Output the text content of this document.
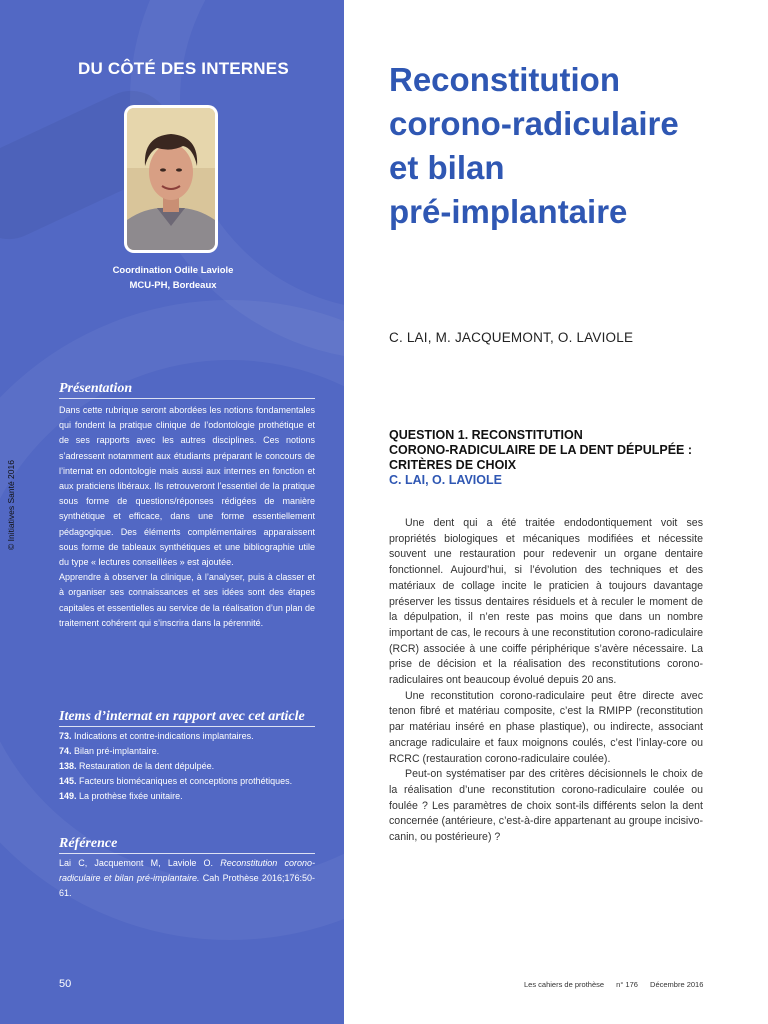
DU CÔTÉ DES INTERNES
Coordination Odile Laviole
MCU-PH, Bordeaux
© Initiatives Santé 2016
Présentation

Dans cette rubrique seront abordées les notions fondamentales qui fondent la pratique clinique de l’odontologie prothétique et de ses rapports avec les autres disciplines. Ces notions s’adressent notamment aux étudiants préparant le concours de l’internat en odontologie mais aussi aux internes en fonction et aux praticiens libéraux. Ils retrouveront l’essentiel de la pratique sous forme de questions/réponses rédigées de manière synthétique et efficace, dans une forme essentiellement pédagogique. Des éléments complémentaires apparaissent sous forme de tableaux synthétiques et une bibliographie utile du type « lectures conseillées » est ajoutée.

Apprendre à observer la clinique, à l’analyser, puis à classer et à organiser ses connaissances et ses idées sont des étapes capitales et essentielles au service de la réalisation d’un plan de traitement cohérent qui s’inscrira dans la pérennité.

Items d’internat en rapport avec cet article
73. Indications et contre-indications implantaires.
74. Bilan pré-implantaire.
138. Restauration de la dent dépulpée.
145. Facteurs biomécaniques et conceptions prothétiques.
149. La prothèse fixée unitaire.
Référence
Lai C, Jacquemont M, Laviole O. Reconstitution corono-radiculaire et bilan pré-implantaire. Cah Prothèse 2016;176:50-61.
50
Reconstitution
corono-radiculaire
et bilan
pré-implantaire
C. LAI, M. JACQUEMONT, O. LAVIOLE
QUESTION 1. RECONSTITUTION
CORONO-RADICULAIRE DE LA DENT DÉPULPÉE :
CRITÈRES DE CHOIX
C. LAI, O. LAVIOLE

Une dent qui a été traitée endodontiquement voit ses propriétés biologiques et mécaniques modifiées et nécessite souvent une restauration pour redevenir un organe dentaire fonctionnel. Aujourd’hui, si l’évolution des techniques et des matériaux de collage incite le praticien à toujours davantage préserver les tissus dentaires résiduels et à reculer le moment de la dépulpation, il n’en reste pas moins que dans un nombre important de cas, le recours à une reconstitution corono-radiculaire (RCR) associée à une coiffe périphérique s’avère nécessaire. La prise de décision et la réalisation des reconstitutions corono-radiculaires ont beaucoup évolué depuis 20 ans.

Une reconstitution corono-radiculaire peut être directe avec tenon fibré et matériau composite, c’est la RMIPP (reconstitution par matériau inséré en phase plastique), ou indirecte, associant ancrage radiculaire et faux moignons coulés, c’est l’inlay-core ou RCRC (restauration corono-radiculaire coulée).

Peut-on systématiser par des critères décisionnels le choix de la réalisation d’une reconstitution corono-radiculaire coulée ou foulée ? Les paramètres de choix sont-ils différents selon la dent concernée (antérieure, c’est-à-dire appartenant au groupe incisivo-canin, ou postérieure) ?

Les cahiers de prothèse n° 176 Décembre 2016
